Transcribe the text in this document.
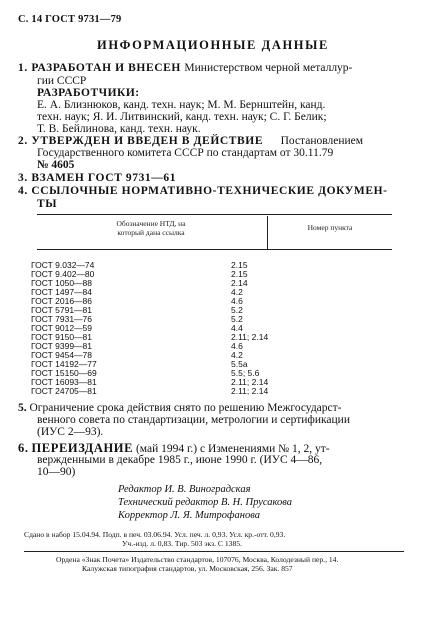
С. 14 ГОСТ 9731—79
ИНФОРМАЦИОННЫЕ ДАННЫЕ
1. РАЗРАБОТАН И ВНЕСЕН Министерством черной металлур-
гии СССР
РАЗРАБОТЧИКИ:
Е. А. Близнюков, канд. техн. наук; М. М. Бернштейн, канд.
техн. наук; Я. И. Литвинский, канд. техн. наук; С. Г. Белик;
Т. В. Бейлинова, канд. техн. наук.
2. УТВЕРЖДЕН И ВВЕДЕН В ДЕЙСТВИЕ Постановлением
Государственного комитета СССР по стандартам от 30.11.79
№ 4605
3. ВЗАМЕН ГОСТ 9731—61
4. ССЫЛОЧНЫЕ НОРМАТИВНО-ТЕХНИЧЕСКИЕ ДОКУМЕН-
ТЫ
Обозначение НТД, на
который дана ссылка
Номер пункта
ГОСТ 9.032—74	2.15
ГОСТ 9.402—80	2.15
ГОСТ 1050—88	2.14
ГОСТ 1497—84	4.2
ГОСТ 2016—86	4.6
ГОСТ 5791—81	5.2
ГОСТ 7931—76	5.2
ГОСТ 9012—59	4.4
ГОСТ 9150—81	2.11; 2.14
ГОСТ 9399—81	4.6
ГОСТ 9454—78	4.2
ГОСТ 14192—77	5.5а
ГОСТ 15150—69	5.5; 5.6
ГОСТ 16093—81	2.11; 2.14
ГОСТ 24705—81	2.11; 2.14
5. Ограничение срока действия снято по решению Межгосударст-
венного совета по стандартизации, метрологии и сертификации
(ИУС 2—93).
6. ПЕРЕИЗДАНИЕ (май 1994 г.) с Изменениями № 1, 2, ут-
вержденными в декабре 1985 г., июне 1990 г. (ИУС 4—86,
10—90)
Редактор И. В. Виноградская
Технический редактор В. Н. Прусакова
Корректор Л. Я. Митрофанова
Сдано в набор 15.04.94. Подп. в печ. 03.06.94. Усл. печ. л. 0,93. Усл. кр.-отт. 0,93.
Уч.-изд. л. 0,83. Тир. 503 экз. С 1385.
Ордена «Знак Почета» Издательство стандартов, 107076, Москва, Колодезный пер., 14.
Калужская типография стандартов, ул. Московская, 256. Зак. 857
